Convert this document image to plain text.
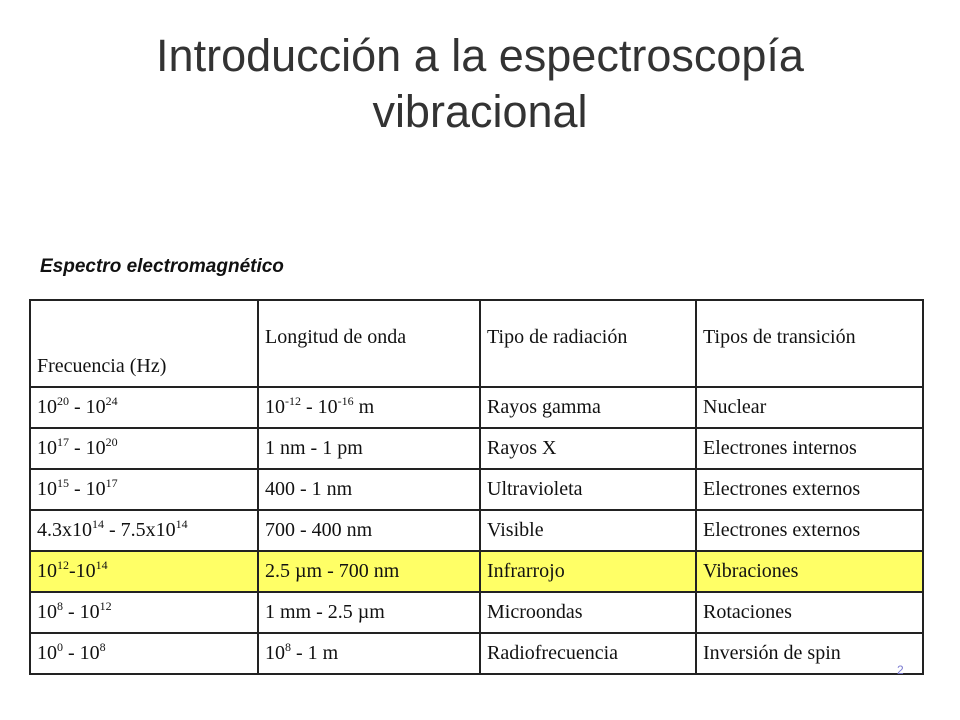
Introducción a la espectroscopía
vibracional
Espectro electromagnético
Frecuencia (Hz)	Longitud de onda	Tipo de radiación	Tipos de transición
$10^{20} - 10^{24}$	$10^{-12} - 10^{-16}$ m	Rayos gamma	Nuclear
$10^{17} - 10^{20}$	1 nm - 1 pm	Rayos X	Electrones internos
$10^{15} - 10^{17}$	400 - 1 nm	Ultravioleta	Electrones externos
$4.3x10^{14} - 7.5x10^{14}$	700 - 400 nm	Visible	Electrones externos
$10^{12}-10^{14}$	2.5 µm - 700 nm	Infrarrojo	Vibraciones
$10^8 - 10^{12}$	1 mm - 2.5 µm	Microondas	Rotaciones
$10^0 - 10^8$	$10^8 - 1$ m	Radiofrecuencia	Inversión de spin
2
